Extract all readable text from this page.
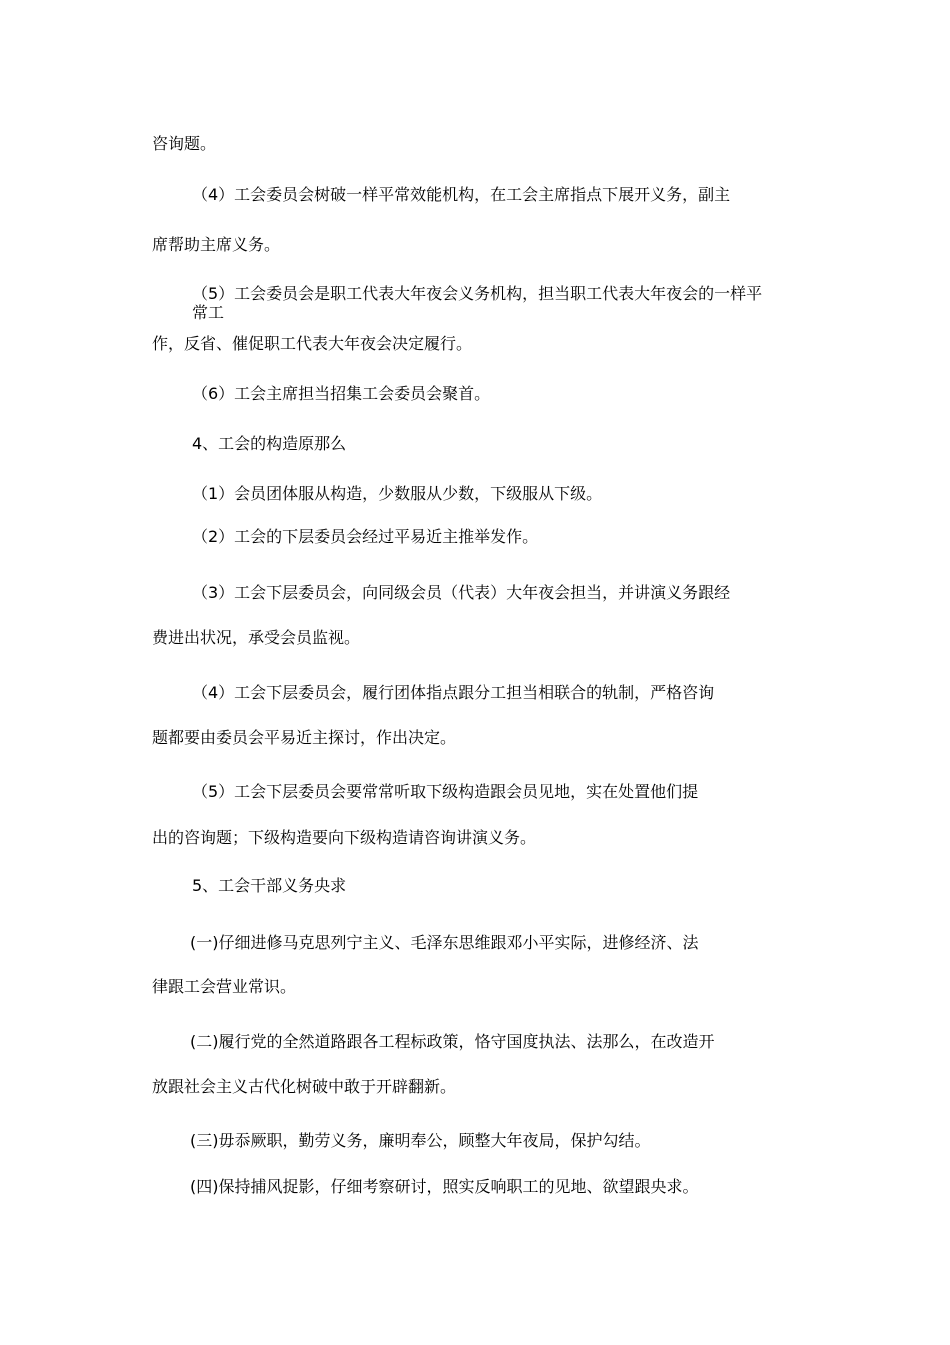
咨询题。
（4）工会委员会树破一样平常效能机构，在工会主席指点下展开义务，副主
席帮助主席义务。
（5）工会委员会是职工代表大年夜会义务机构，担当职工代表大年夜会的一样平
常工
作，反省、催促职工代表大年夜会决定履行。
（6）工会主席担当招集工会委员会聚首。
4、工会的构造原那么
（1）会员团体服从构造，少数服从少数，下级服从下级。
（2）工会的下层委员会经过平易近主推举发作。
（3）工会下层委员会，向同级会员（代表）大年夜会担当，并讲演义务跟经
费进出状况，承受会员监视。
（4）工会下层委员会，履行团体指点跟分工担当相联合的轨制，严格咨询
题都要由委员会平易近主探讨，作出决定。
（5）工会下层委员会要常常听取下级构造跟会员见地，实在处置他们提
出的咨询题；下级构造要向下级构造请咨询讲演义务。
5、工会干部义务央求
(一)仔细进修马克思列宁主义、毛泽东思维跟邓小平实际，进修经济、法
律跟工会营业常识。
(二)履行党的全然道路跟各工程标政策，恪守国度执法、法那么，在改造开
放跟社会主义古代化树破中敢于开辟翻新。
(三)毋忝厥职，勤劳义务，廉明奉公，顾整大年夜局，保护勾结。
(四)保持捕风捉影，仔细考察研讨，照实反响职工的见地、欲望跟央求。
